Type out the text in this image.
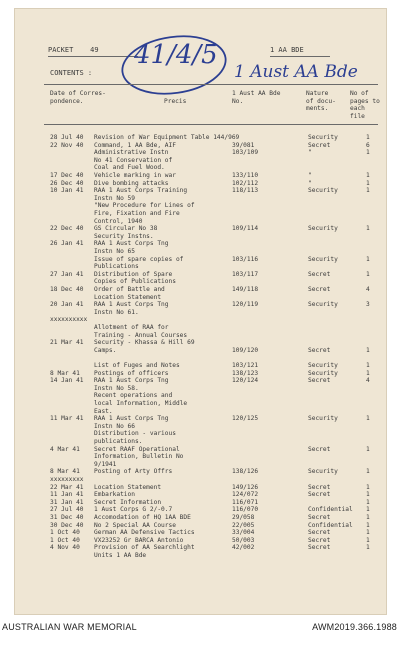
PACKET 49	1 AA BDE
CONTENTS :
41/4/5
1 Aust AA Bde
Date of Corres-
pondence.	Precis
1 Aust AA Bde
No.
Nature
of docu-
ments.
No of
pages to
each
file
28 Jul 40 Revision of War Equipment Table 144/969	Security	1
22 Nov 40 Command, 1 AA Bde, AIF	39/081	Secret	6
Administrative Instn	103/109	"	1
No 41 Conservation of
Coal and Fuel Wood.
17 Dec 40 Vehicle marking in war	133/110	"	1
26 Dec 40 Dive bombing attacks	102/112	"	1
10 Jan 41 RAA 1 Aust Corps Training	118/113	Security	1
Instn No 59
"New Procedure for Lines of
Fire, Fixation and Fire
Control, 1940
22 Dec 40 GS Circular No 38	109/114	Security	1
Security Instns.
26 Jan 41 RAA 1 Aust Corps Tng
Instn No 65
Issue of spare copies of	103/116	Security	1
Publications
27 Jan 41 Distribution of Spare	103/117	Secret	1
Copies of Publications
18 Dec 40 Order of Battle and	149/118	Secret	4
Location Statement
20 Jan 41 RAA 1 Aust Corps Tng	120/119	Security	3
Instn No 61.
xxxxxxxxxx
Allotment of RAA for
Training - Annual Courses
21 Mar 41 Security - Khassa & Hill 69
Camps.	109/120	Secret	1
List of Fuges and Notes	103/121	Security	1
8 Mar 41 Postings of officers	138/123	Security	1
14 Jan 41 RAA 1 Aust Corps Tng	120/124	Secret	4
Instn No 58.
Recent operations and
local Information, Middle
East.
11 Mar 41 RAA 1 Aust Corps Tng	120/125	Security	1
Instn No 66
Distribution - various
publications.
4 Mar 41 Secret RAAF Operational	Secret	1
Information, Bulletin No
9/1941
8 Mar 41 Posting of Arty Offrs	138/126	Security	1
xxxxxxxxx
22 Mar 41 Location Statement	149/126	Secret	1
11 Jan 41 Embarkation	124/072	Secret	1
31 Jan 41 Secret Information	116/071	1
27 Jul 40 1 Aust Corps G 2/-0.7	116/070	Confidential 1
31 Dec 40 Accomodation of HQ 1AA BDE	29/058	Secret	1
30 Dec 40 No 2 Special AA Course	22/005	Confidential 1
1 Oct 40 German AA Defensive Tactics	33/004	Secret	1
1 Oct 40 VX23252 Gr BARCA Antonio	50/003	Secret	1
4 Nov 40 Provision of AA Searchlight	42/002	Secret	1
Units 1 AA Bde
AUSTRALIAN WAR MEMORIAL	AWM2019.366.1988
